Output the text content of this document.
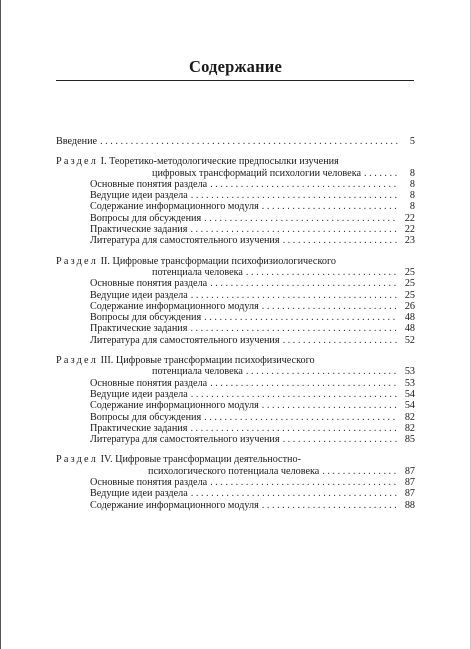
Содержание
Введение . . .	5
Раздел I. Теоретико-методологические предпосылки изучения
цифровых трансформаций психологии человека . . .	8
Основные понятия раздела . . .	8
Ведущие идеи раздела . . .	8
Содержание информационного модуля . . .	8
Вопросы для обсуждения . . .	22
Практические задания . . .	22
Литература для самостоятельного изучения . . .	23
Раздел II. Цифровые трансформации психофизиологического
потенциала человека . . .	25
Основные понятия раздела . . .	25
Ведущие идеи раздела . . .	25
Содержание информационного модуля . . .	26
Вопросы для обсуждения . . .	48
Практические задания . . .	48
Литература для самостоятельного изучения . . .	52
Раздел III. Цифровые трансформации психофизического
потенциала человека . . .	53
Основные понятия раздела . . .	53
Ведущие идеи раздела . . .	54
Содержание информационного модуля . . .	54
Вопросы для обсуждения . . .	82
Практические задания . . .	82
Литература для самостоятельного изучения . . .	85
Раздел IV. Цифровые трансформации деятельностно-
психологического потенциала человека . . .	87
Основные понятия раздела . . .	87
Ведущие идеи раздела . . .	87
Содержание информационного модуля . . .	88
